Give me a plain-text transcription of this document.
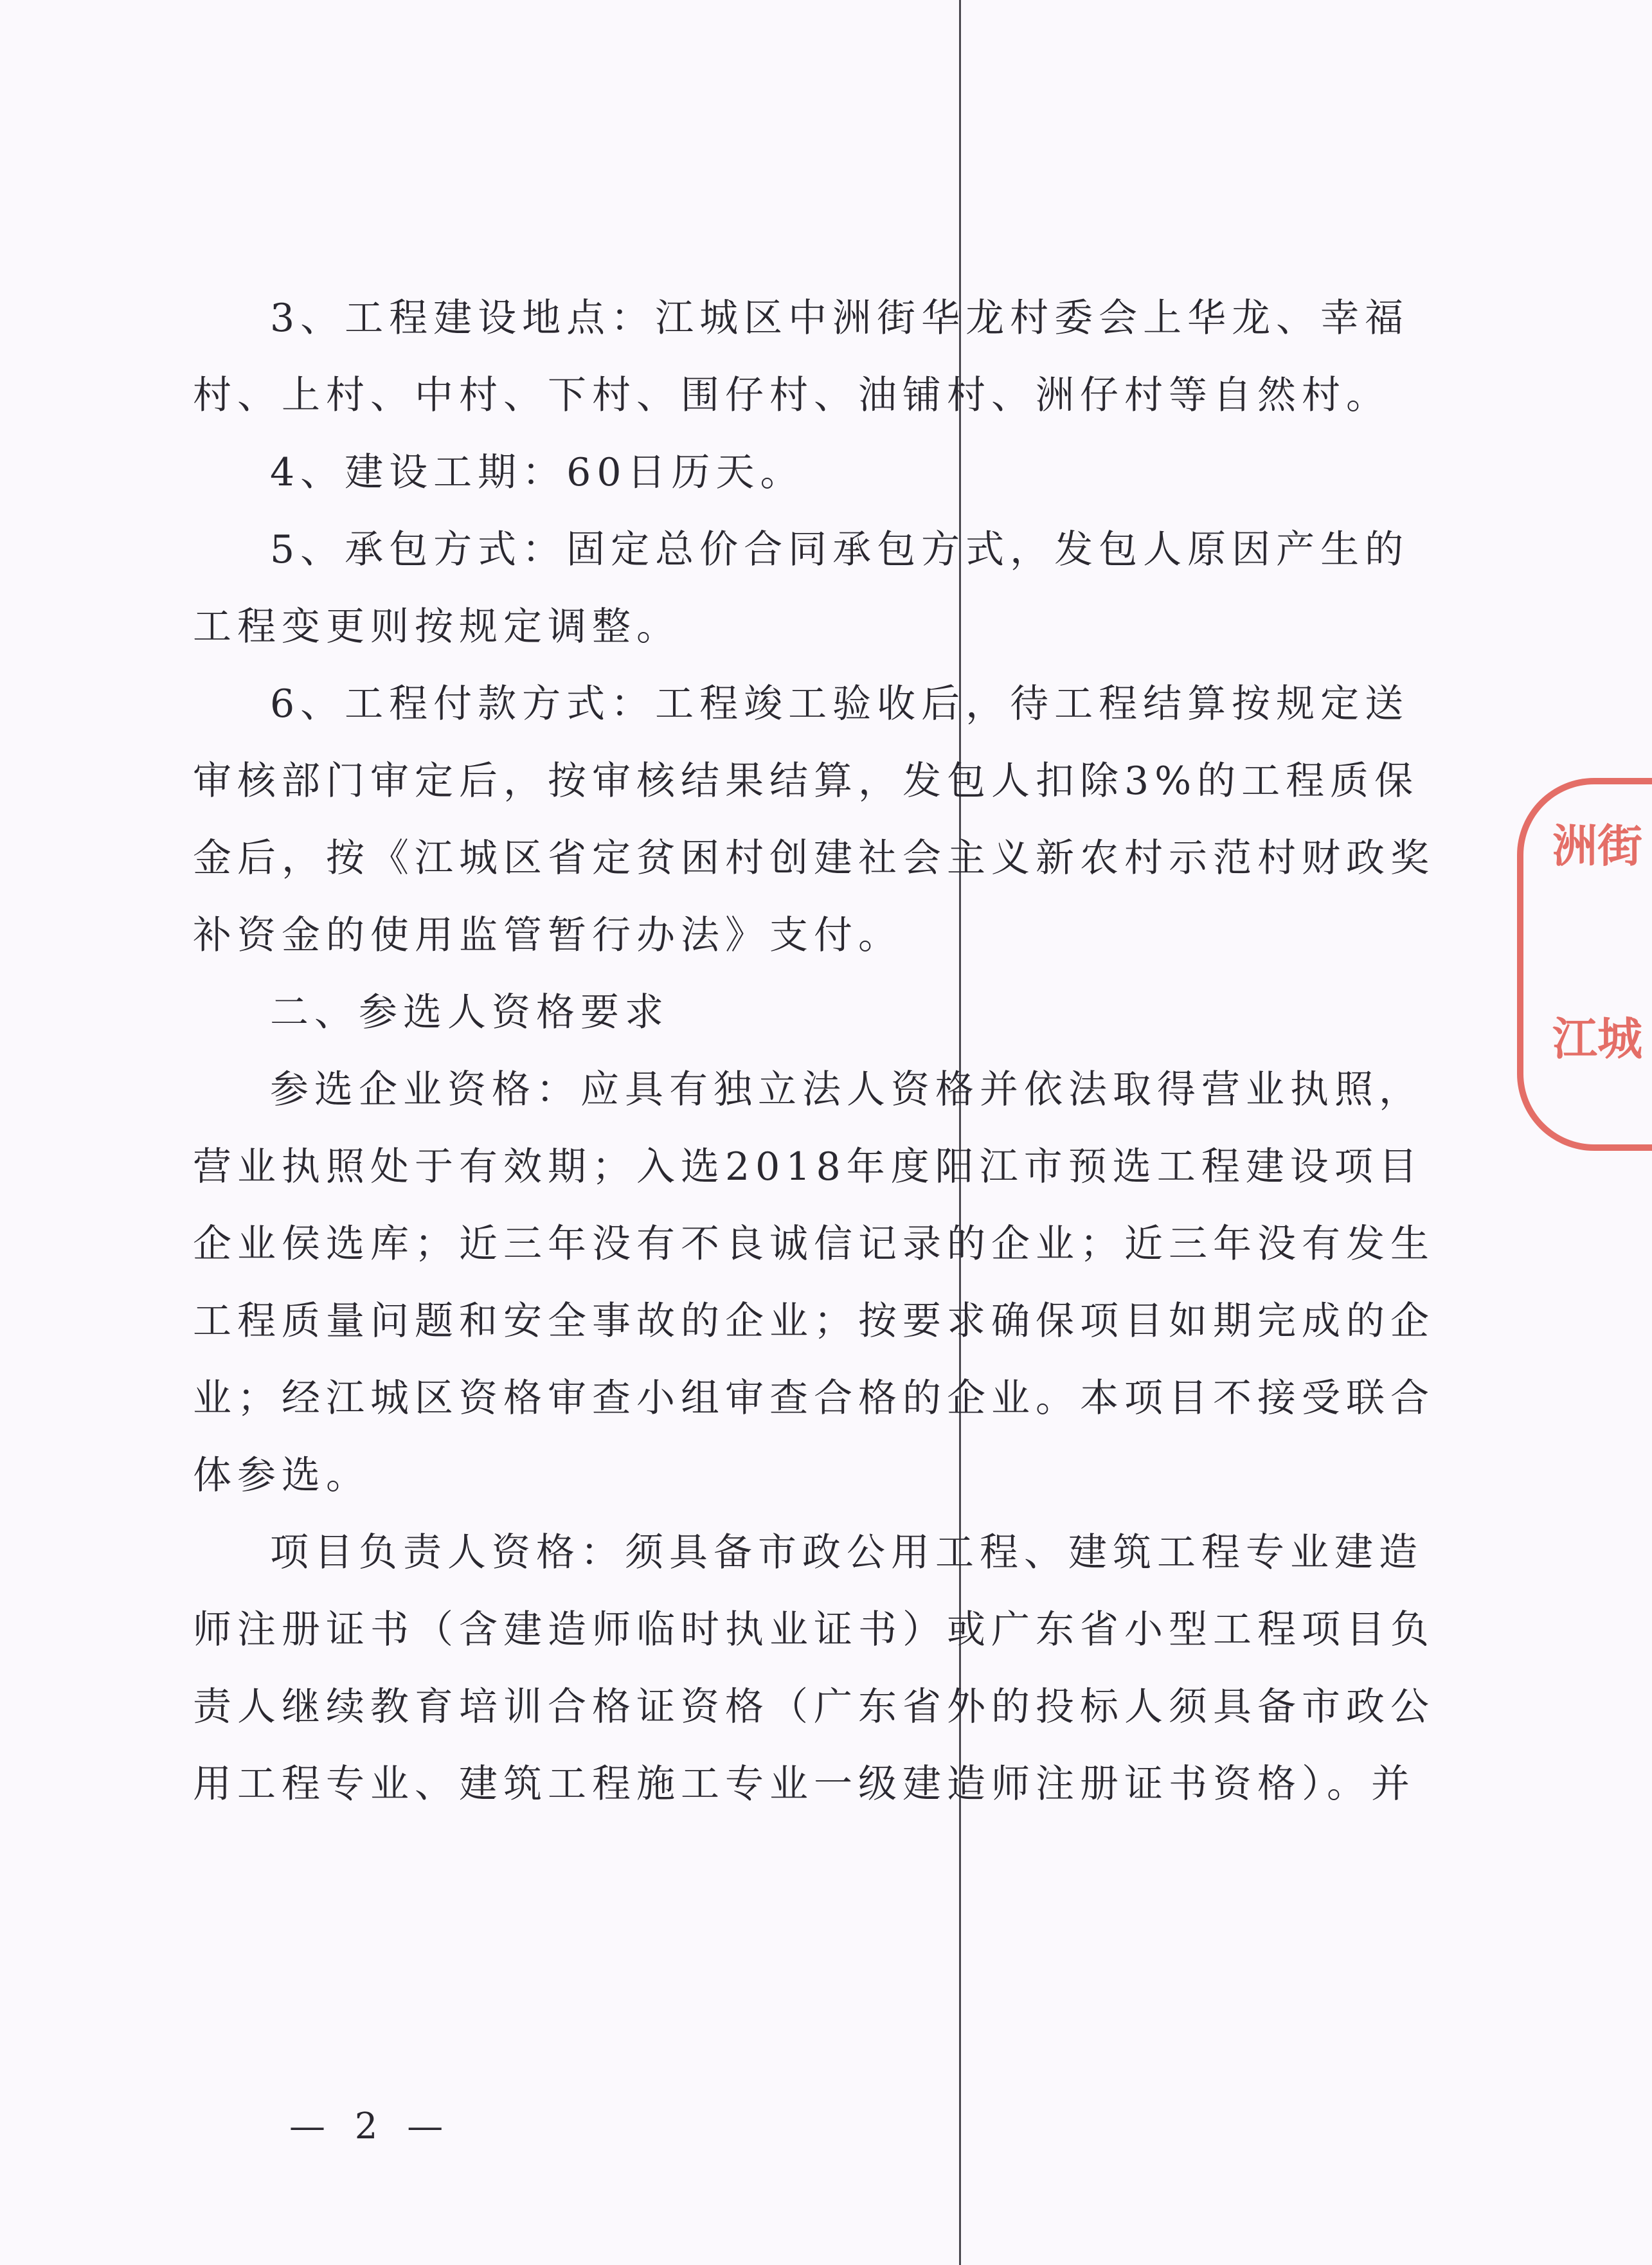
3、工程建设地点：江城区中洲街华龙村委会上华龙、幸福
村、上村、中村、下村、围仔村、油铺村、洲仔村等自然村。
4、建设工期：60日历天。
5、承包方式：固定总价合同承包方式，发包人原因产生的
工程变更则按规定调整。
6、工程付款方式：工程竣工验收后，待工程结算按规定送
审核部门审定后，按审核结果结算，发包人扣除3%的工程质保
金后，按《江城区省定贫困村创建社会主义新农村示范村财政奖
补资金的使用监管暂行办法》支付。
二、参选人资格要求
参选企业资格：应具有独立法人资格并依法取得营业执照，
营业执照处于有效期；入选2018年度阳江市预选工程建设项目
企业侯选库；近三年没有不良诚信记录的企业；近三年没有发生
工程质量问题和安全事故的企业；按要求确保项目如期完成的企
业；经江城区资格审查小组审查合格的企业。本项目不接受联合
体参选。
项目负责人资格：须具备市政公用工程、建筑工程专业建造
师注册证书（含建造师临时执业证书）或广东省小型工程项目负
责人继续教育培训合格证资格（广东省外的投标人须具备市政公
用工程专业、建筑工程施工专业一级建造师注册证书资格）。并
洲街
江城
— 2 —
